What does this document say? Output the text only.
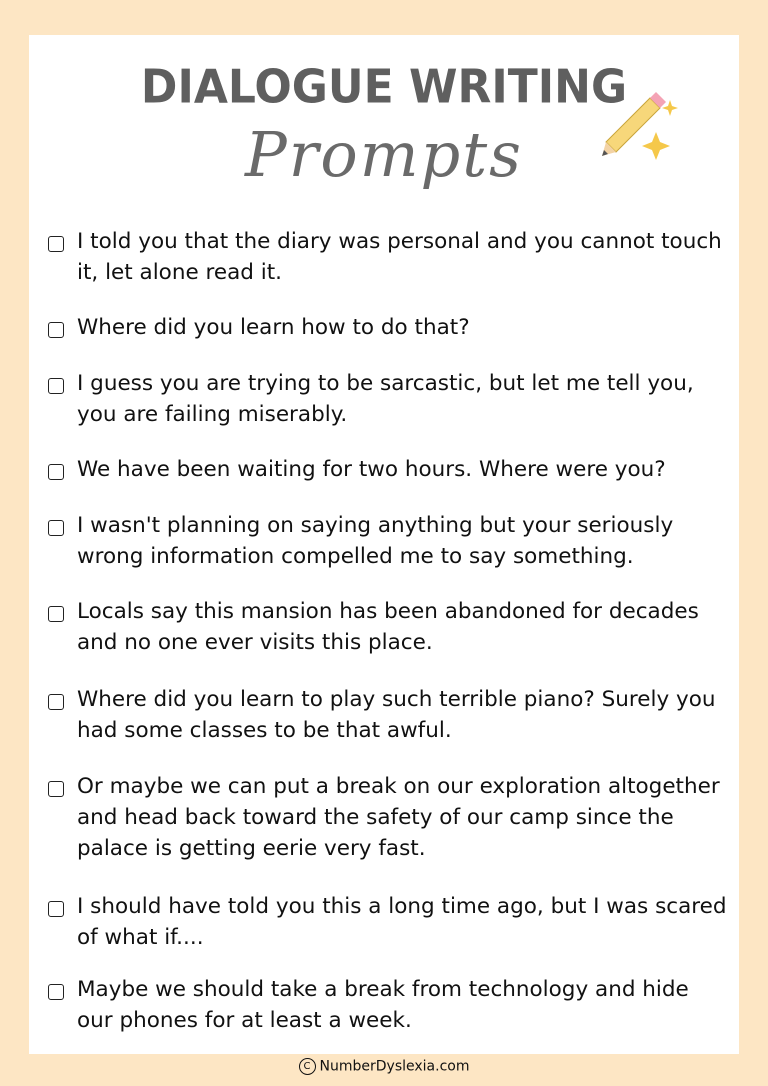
DIALOGUE WRITING
Prompts
I told you that the diary was personal and you cannot touch it, let alone read it.
Where did you learn how to do that?
I guess you are trying to be sarcastic, but let me tell you, you are failing miserably.
We have been waiting for two hours. Where were you?
I wasn't planning on saying anything but your seriously wrong information compelled me to say something.
Locals say this mansion has been abandoned for decades and no one ever visits this place.
Where did you learn to play such terrible piano? Surely you had some classes to be that awful.
Or maybe we can put a break on our exploration altogether and head back toward the safety of our camp since the palace is getting eerie very fast.
I should have told you this a long time ago, but I was scared of what if....
Maybe we should take a break from technology and hide our phones for at least a week.
C NumberDyslexia.com
